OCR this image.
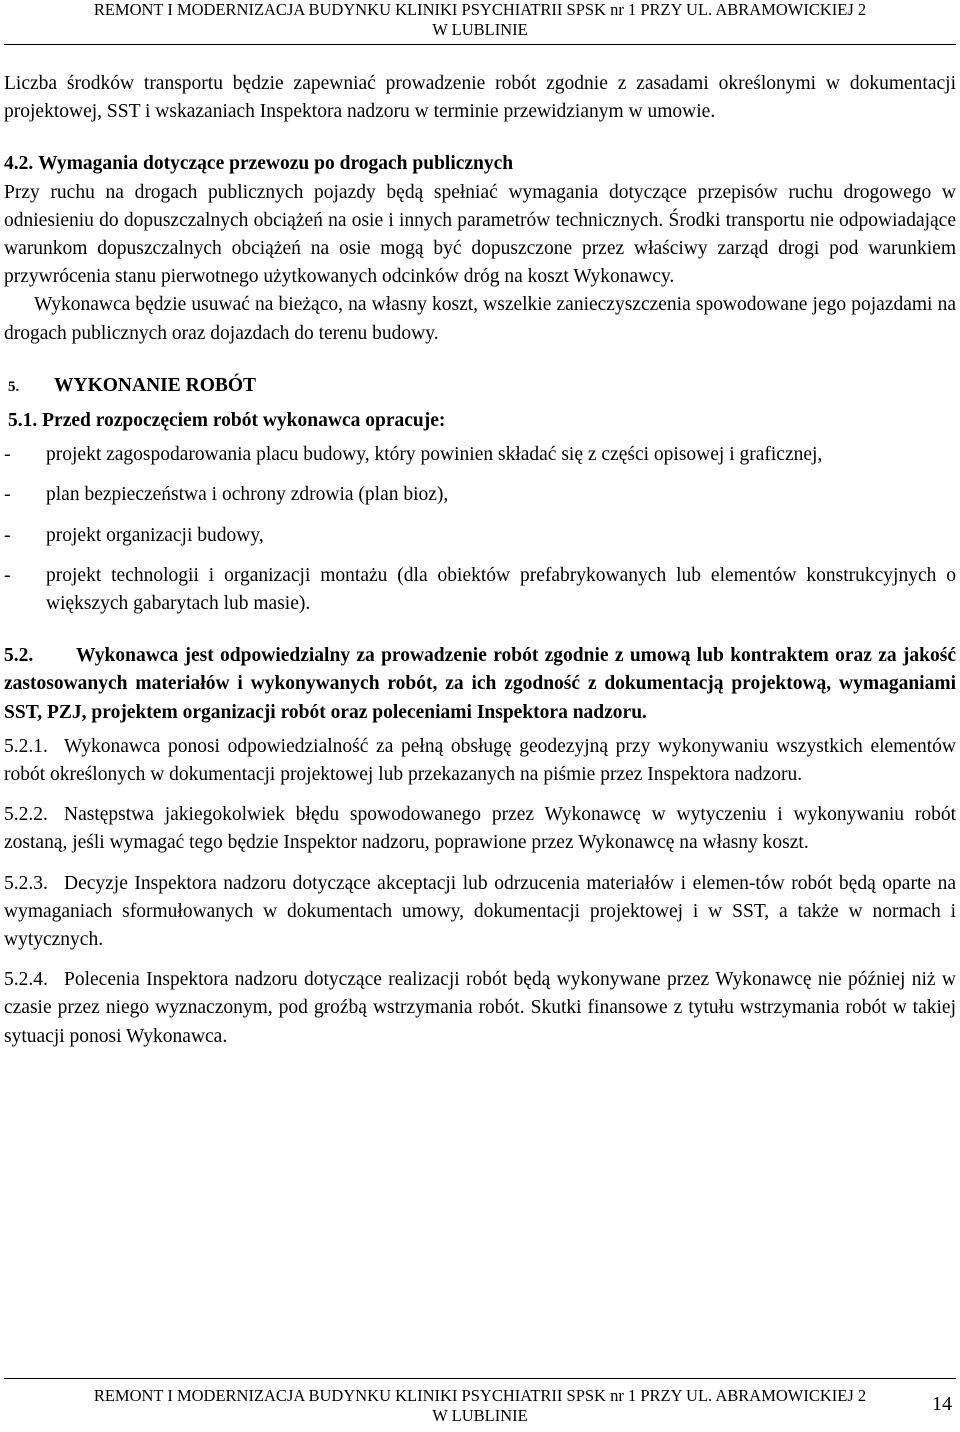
REMONT I MODERNIZACJA BUDYNKU KLINIKI PSYCHIATRII SPSK nr 1 PRZY UL. ABRAMOWICKIEJ 2
W LUBLINIE

Liczba środków transportu będzie zapewniać prowadzenie robót zgodnie z zasadami określonymi w dokumentacji projektowej, SST i wskazaniach Inspektora nadzoru w terminie przewidzianym w umowie.

4.2. Wymagania dotyczące przewozu po drogach publicznych

Przy ruchu na drogach publicznych pojazdy będą spełniać wymagania dotyczące przepisów ruchu drogowego w odniesieniu do dopuszczalnych obciążeń na osie i innych parametrów technicznych. Środki transportu nie odpowiadające warunkom dopuszczalnych obciążeń na osie mogą być dopuszczone przez właściwy zarząd drogi pod warunkiem przywrócenia stanu pierwotnego użytkowanych odcinków dróg na koszt Wykonawcy.

Wykonawca będzie usuwać na bieżąco, na własny koszt, wszelkie zanieczyszczenia spowodowane jego pojazdami na drogach publicznych oraz dojazdach do terenu budowy.

5. WYKONANIE ROBÓT

5.1. Przed rozpoczęciem robót wykonawca opracuje:

- projekt zagospodarowania placu budowy, który powinien składać się z części opisowej i graficznej,

- plan bezpieczeństwa i ochrony zdrowia (plan bioz),

- projekt organizacji budowy,

- projekt technologii i organizacji montażu (dla obiektów prefabrykowanych lub elementów konstrukcyjnych o większych gabarytach lub masie).

5.2. Wykonawca jest odpowiedzialny za prowadzenie robót zgodnie z umową lub kontraktem oraz za jakość zastosowanych materiałów i wykonywanych robót, za ich zgodność z dokumentacją projektową, wymaganiami SST, PZJ, projektem organizacji robót oraz poleceniami Inspektora nadzoru.

5.2.1. Wykonawca ponosi odpowiedzialność za pełną obsługę geodezyjną przy wykonywaniu wszystkich elementów robót określonych w dokumentacji projektowej lub przekazanych na piśmie przez Inspektora nadzoru.

5.2.2. Następstwa jakiegokolwiek błędu spowodowanego przez Wykonawcę w wytyczeniu i wykonywaniu robót zostaną, jeśli wymagać tego będzie Inspektor nadzoru, poprawione przez Wykonawcę na własny koszt.

5.2.3. Decyzje Inspektora nadzoru dotyczące akceptacji lub odrzucenia materiałów i elemen-tów robót będą oparte na wymaganiach sformułowanych w dokumentach umowy, dokumentacji projektowej i w SST, a także w normach i wytycznych.

5.2.4. Polecenia Inspektora nadzoru dotyczące realizacji robót będą wykonywane przez Wykonawcę nie później niż w czasie przez niego wyznaczonym, pod groźbą wstrzymania robót. Skutki finansowe z tytułu wstrzymania robót w takiej sytuacji ponosi Wykonawca.

REMONT I MODERNIZACJA BUDYNKU KLINIKI PSYCHIATRII SPSK nr 1 PRZY UL. ABRAMOWICKIEJ 2
W LUBLINIE
14
